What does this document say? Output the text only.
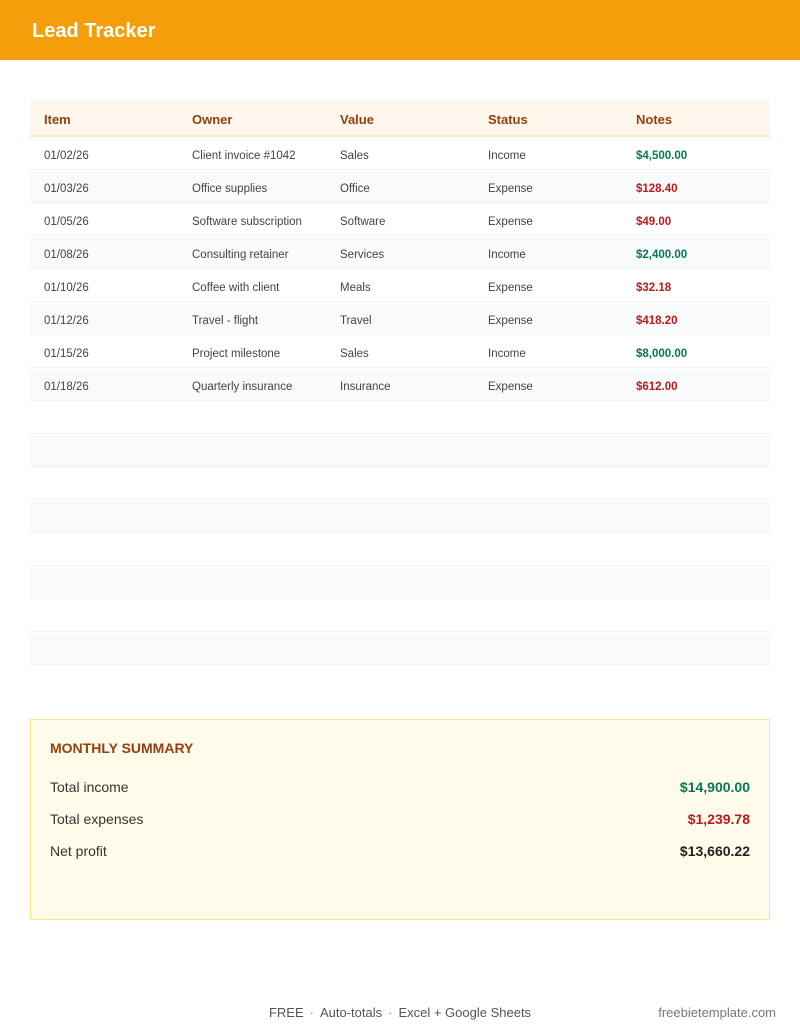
Lead Tracker
Item	Owner	Value	Status	Notes
01/02/26	Client invoice #1042	Sales	Income	$4,500.00
01/03/26	Office supplies	Office	Expense	$128.40
01/05/26	Software subscription	Software	Expense	$49.00
01/08/26	Consulting retainer	Services	Income	$2,400.00
01/10/26	Coffee with client	Meals	Expense	$32.18
01/12/26	Travel - flight	Travel	Expense	$418.20
01/15/26	Project milestone	Sales	Income	$8,000.00
01/18/26	Quarterly insurance	Insurance	Expense	$612.00
MONTHLY SUMMARY
Total income	$14,900.00
Total expenses	$1,239.78
Net profit	$13,660.22
FREE · Auto-totals · Excel + Google Sheets	freebietemplate.com
